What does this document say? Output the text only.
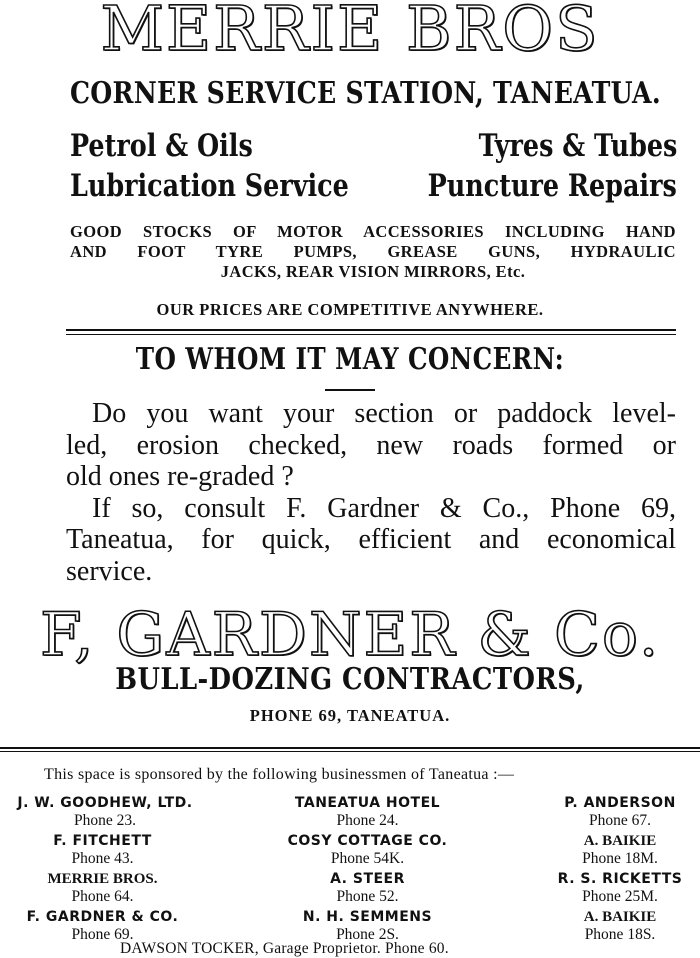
MERRIE BROS
CORNER SERVICE STATION, TANEATUA.
Petrol & Oils
Lubrication Service
Tyres & Tubes
Puncture Repairs
GOOD STOCKS OF MOTOR ACCESSORIES INCLUDING HAND
AND FOOT TYRE PUMPS, GREASE GUNS, HYDRAULIC
JACKS, REAR VISION MIRRORS, Etc.
OUR PRICES ARE COMPETITIVE ANYWHERE.
TO WHOM IT MAY CONCERN:
Do you want your section or paddock level-
led, erosion checked, new roads formed or
old ones re-graded ?
If so, consult F. Gardner & Co., Phone 69,
Taneatua, for quick, efficient and economical
service.
F, GARDNER & Co.
BULL-DOZING CONTRACTORS,
PHONE 69, TANEATUA.
This space is sponsored by the following businessmen of Taneatua :—
J. W. GOODHEW, LTD.
Phone 23.
F. FITCHETT
Phone 43.
MERRIE BROS.
Phone 64.
F. GARDNER & CO.
Phone 69.
TANEATUA HOTEL
Phone 24.
COSY COTTAGE CO.
Phone 54K.
A. STEER
Phone 52.
N. H. SEMMENS
Phone 2S.
P. ANDERSON
Phone 67.
A. BAIKIE
Phone 18M.
R. S. RICKETTS
Phone 25M.
A. BAIKIE
Phone 18S.
DAWSON TOCKER, Garage Proprietor. Phone 60.
